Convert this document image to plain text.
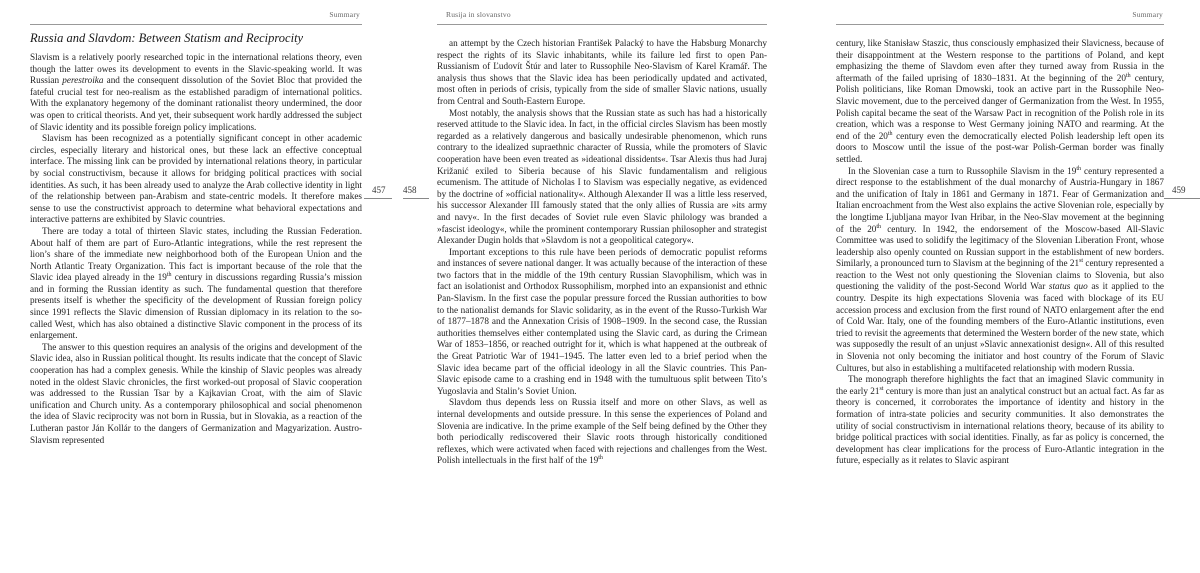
Summary
Russia and Slavdom: Between Statism and Reciprocity

Slavism is a relatively poorly researched topic in the international relations theory, even though the latter owes its development to events in the Slavic-speaking world. It was Russian perestroika and the consequent dissolution of the Soviet Bloc that provided the fateful crucial test for neo-realism as the established paradigm of international politics. With the explanatory hegemony of the dominant rationalist theory undermined, the door was open to critical theorists. And yet, their subsequent work hardly addressed the subject of Slavic identity and its possible foreign policy implications.

Slavism has been recognized as a potentially significant concept in other academic circles, especially literary and historical ones, but these lack an effective conceptual interface. The missing link can be provided by international relations theory, in particular by social constructivism, because it allows for bridging political practices with social identities. As such, it has been already used to analyze the Arab collective identity in light of the relationship between pan-Arabism and state-centric models. It therefore makes sense to use the constructivist approach to determine what behavioral expectations and interactive patterns are exhibited by Slavic countries.

There are today a total of thirteen Slavic states, including the Russian Federation. About half of them are part of Euro-Atlantic integrations, while the rest represent the lion’s share of the immediate new neighborhood both of the European Union and the North Atlantic Treaty Organization. This fact is important because of the role that the Slavic idea played already in the 19th century in discussions regarding Russia’s mission and in forming the Russian identity as such. The fundamental question that therefore presents itself is whether the specificity of the development of Russian foreign policy since 1991 reflects the Slavic dimension of Russian diplomacy in its relation to the so-called West, which has also obtained a distinctive Slavic component in the process of its enlargement.

The answer to this question requires an analysis of the origins and development of the Slavic idea, also in Russian political thought. Its results indicate that the concept of Slavic cooperation has had a complex genesis. While the kinship of Slavic peoples was already noted in the oldest Slavic chronicles, the first worked-out proposal of Slavic cooperation was addressed to the Russian Tsar by a Kajkavian Croat, with the aim of Slavic unification and Church unity. As a contemporary philosophical and social phenomenon the idea of Slavic reciprocity was not born in Russia, but in Slovakia, as a reaction of the Lutheran pastor Ján Kollár to the dangers of Germanization and Magyarization. Austro-Slavism represented

457
Rusija in slovanstvo

an attempt by the Czech historian František Palacký to have the Habsburg Monarchy respect the rights of its Slavic inhabitants, while its failure led first to open Pan-Russianism of Ľudovít Štúr and later to Russophile Neo-Slavism of Karel Kramář. The analysis thus shows that the Slavic idea has been periodically updated and activated, most often in periods of crisis, typically from the side of smaller Slavic nations, usually from Central and South-Eastern Europe.

Most notably, the analysis shows that the Russian state as such has had a historically reserved attitude to the Slavic idea. In fact, in the official circles Slavism has been mostly regarded as a relatively dangerous and basically undesirable phenomenon, which runs contrary to the idealized supraethnic character of Russia, while the promoters of Slavic cooperation have been even treated as »ideational dissidents«. Tsar Alexis thus had Juraj Križanić exiled to Siberia because of his Slavic fundamentalism and religious ecumenism. The attitude of Nicholas I to Slavism was especially negative, as evidenced by the doctrine of »official nationality«. Although Alexander II was a little less reserved, his successor Alexander III famously stated that the only allies of Russia are »its army and navy«. In the first decades of Soviet rule even Slavic philology was branded a »fascist ideology«, while the prominent contemporary Russian philosopher and strategist Alexander Dugin holds that »Slavdom is not a geopolitical category«.

Important exceptions to this rule have been periods of democratic populist reforms and instances of severe national danger. It was actually because of the interaction of these two factors that in the middle of the 19th century Russian Slavophilism, which was in fact an isolationist and Orthodox Russophilism, morphed into an expansionist and ethnic Pan-Slavism. In the first case the popular pressure forced the Russian authorities to bow to the nationalist demands for Slavic solidarity, as in the event of the Russo-Turkish War of 1877–1878 and the Annexation Crisis of 1908–1909. In the second case, the Russian authorities themselves either contemplated using the Slavic card, as during the Crimean War of 1853–1856, or reached outright for it, which is what happened at the outbreak of the Great Patriotic War of 1941–1945. The latter even led to a brief period when the Slavic idea became part of the official ideology in all the Slavic countries. This Pan-Slavic episode came to a crashing end in 1948 with the tumultuous split between Tito’s Yugoslavia and Stalin’s Soviet Union.

Slavdom thus depends less on Russia itself and more on other Slavs, as well as internal developments and outside pressure. In this sense the experiences of Poland and Slovenia are indicative. In the prime example of the Self being defined by the Other they both periodically rediscovered their Slavic roots through historically conditioned reflexes, which were activated when faced with rejections and challenges from the West. Polish intellectuals in the first half of the 19th

458
Summary

century, like Stanisław Staszic, thus consciously emphasized their Slavicness, because of their disappointment at the Western response to the partitions of Poland, and kept emphasizing the theme of Slavdom even after they turned away from Russia in the aftermath of the failed uprising of 1830–1831. At the beginning of the 20th century, Polish politicians, like Roman Dmowski, took an active part in the Russophile Neo-Slavic movement, due to the perceived danger of Germanization from the West. In 1955, Polish capital became the seat of the Warsaw Pact in recognition of the Polish role in its creation, which was a response to West Germany joining NATO and rearming. At the end of the 20th century even the democratically elected Polish leadership left open its doors to Moscow until the issue of the post-war Polish-German border was finally settled.

In the Slovenian case a turn to Russophile Slavism in the 19th century represented a direct response to the establishment of the dual monarchy of Austria-Hungary in 1867 and the unification of Italy in 1861 and Germany in 1871. Fear of Germanization and Italian encroachment from the West also explains the active Slovenian role, especially by the longtime Ljubljana mayor Ivan Hribar, in the Neo-Slav movement at the beginning of the 20th century. In 1942, the endorsement of the Moscow-based All-Slavic Committee was used to solidify the legitimacy of the Slovenian Liberation Front, whose leadership also openly counted on Russian support in the establishment of new borders. Similarly, a pronounced turn to Slavism at the beginning of the 21st century represented a reaction to the West not only questioning the Slovenian claims to Slovenia, but also questioning the validity of the post-Second World War status quo as it applied to the country. Despite its high expectations Slovenia was faced with blockage of its EU accession process and exclusion from the first round of NATO enlargement after the end of Cold War. Italy, one of the founding members of the Euro-Atlantic institutions, even tried to revisit the agreements that determined the Western border of the new state, which was supposedly the result of an unjust »Slavic annexationist design«. All of this resulted in Slovenia not only becoming the initiator and host country of the Forum of Slavic Cultures, but also in establishing a multifaceted relationship with modern Russia.

The monograph therefore highlights the fact that an imagined Slavic community in the early 21st century is more than just an analytical construct but an actual fact. As far as theory is concerned, it corroborates the importance of identity and history in the formation of intra-state policies and security communities. It also demonstrates the utility of social constructivism in international relations theory, because of its ability to bridge political practices with social identities. Finally, as far as policy is concerned, the development has clear implications for the process of Euro-Atlantic integration in the future, especially as it relates to Slavic aspirant

459
